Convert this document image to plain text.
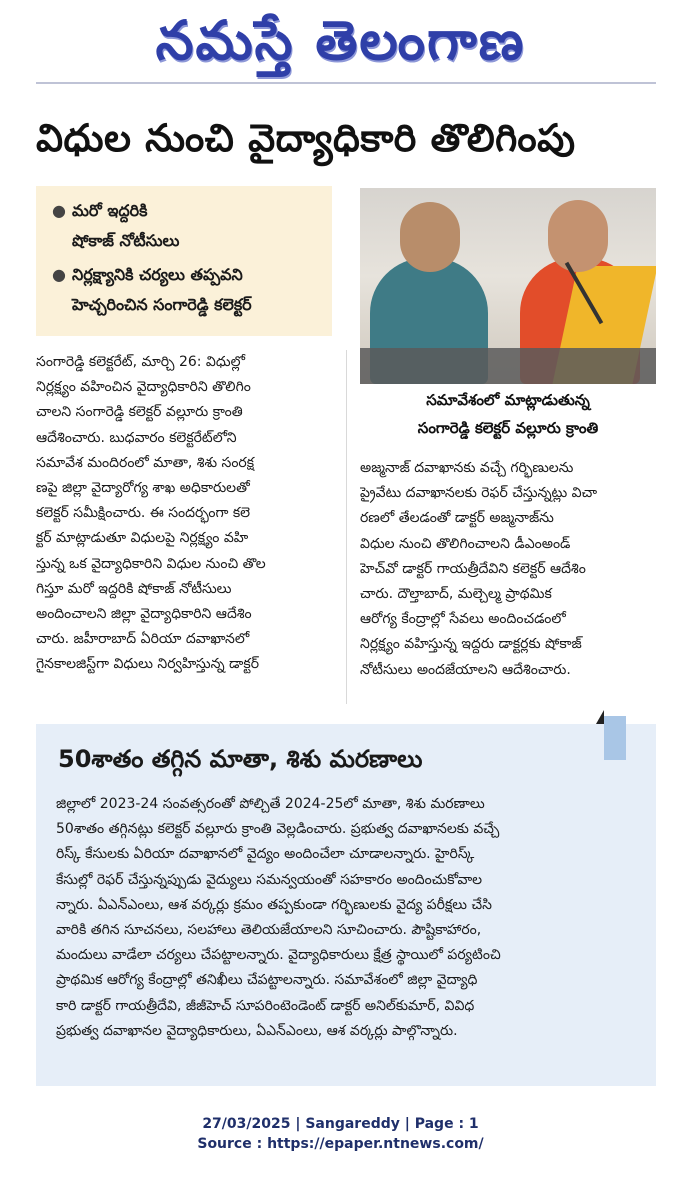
నమస్తే తెలంగాణ
విధుల నుంచి వైద్యాధికారి తొలిగింపు
● మరో ఇద్దరికి
షోకాజ్ నోటీసులు
● నిర్లక్ష్యానికి చర్యలు తప్పవని
హెచ్చరించిన సంగారెడ్డి కలెక్టర్
సమావేశంలో మాట్లాడుతున్న
సంగారెడ్డి కలెక్టర్ వల్లూరు క్రాంతి
సంగారెడ్డి కలెక్టరేట్, మార్చి 26: విధుల్లో
నిర్లక్ష్యం వహించిన వైద్యాధికారిని తొలిగిం
చాలని సంగారెడ్డి కలెక్టర్ వల్లూరు క్రాంతి
ఆదేశించారు. బుధవారం కలెక్టరేట్‌లోని
సమావేశ మందిరంలో మాతా, శిశు సంరక్ష
ణపై జిల్లా వైద్యారోగ్య శాఖ అధికారులతో
కలెక్టర్ సమీక్షించారు. ఈ సందర్భంగా కలె
క్టర్ మాట్లాడుతూ విధులపై నిర్లక్ష్యం వహి
స్తున్న ఒక వైద్యాధికారిని విధుల నుంచి తొల
గిస్తూ మరో ఇద్దరికి షోకాజ్ నోటీసులు
అందించాలని జిల్లా వైద్యాధికారిని ఆదేశిం
చారు. జహీరాబాద్ ఏరియా దవాఖానలో
గైనకాలజిస్ట్‌గా విధులు నిర్వహిస్తున్న డాక్టర్
అజ్మనాజ్ దవాఖానకు వచ్చే గర్భిణులను
ప్రైవేటు దవాఖానలకు రెఫర్ చేస్తున్నట్లు విచా
రణలో తేలడంతో డాక్టర్ అజ్మనాజ్‌ను
విధుల నుంచి తొలిగించాలని డీఎంఅండ్
హెచ్‌వో డాక్టర్ గాయత్రీదేవిని కలెక్టర్ ఆదేశిం
చారు. దౌల్తాబాద్, మల్చెల్మ ప్రాథమిక
ఆరోగ్య కేంద్రాల్లో సేవలు అందించడంలో
నిర్లక్ష్యం వహిస్తున్న ఇద్దరు డాక్టర్లకు షోకాజ్
నోటీసులు అందజేయాలని ఆదేశించారు.
50శాతం తగ్గిన మాతా, శిశు మరణాలు
జిల్లాలో 2023-24 సంవత్సరంతో పోల్చితే 2024-25లో మాతా, శిశు మరణాలు
50శాతం తగ్గినట్లు కలెక్టర్ వల్లూరు క్రాంతి వెల్లడించారు. ప్రభుత్వ దవాఖానలకు వచ్చే
రిస్క్ కేసులకు ఏరియా దవాఖానలో వైద్యం అందించేలా చూడాలన్నారు. హైరిస్క్
కేసుల్లో రెఫర్ చేస్తున్నప్పుడు వైద్యులు సమన్వయంతో సహకారం అందించుకోవాల
న్నారు. ఏఎన్‌ఎంలు, ఆశ వర్కర్లు క్రమం తప్పకుండా గర్భిణులకు వైద్య పరీక్షలు చేసి
వారికి తగిన సూచనలు, సలహాలు తెలియజేయాలని సూచించారు. పౌష్టికాహారం,
మందులు వాడేలా చర్యలు చేపట్టాలన్నారు. వైద్యాధికారులు క్షేత్ర స్థాయిలో పర్యటించి
ప్రాథమిక ఆరోగ్య కేంద్రాల్లో తనిఖీలు చేపట్టాలన్నారు. సమావేశంలో జిల్లా వైద్యాధి
కారి డాక్టర్ గాయత్రీదేవి, జీజీహెచ్ సూపరింటెండెంట్ డాక్టర్ అనిల్‌కుమార్, వివిధ
ప్రభుత్వ దవాఖానల వైద్యాధికారులు, ఏఎన్‌ఎంలు, ఆశ వర్కర్లు పాల్గొన్నారు.
27/03/2025 | Sangareddy | Page : 1
Source : https://epaper.ntnews.com/
